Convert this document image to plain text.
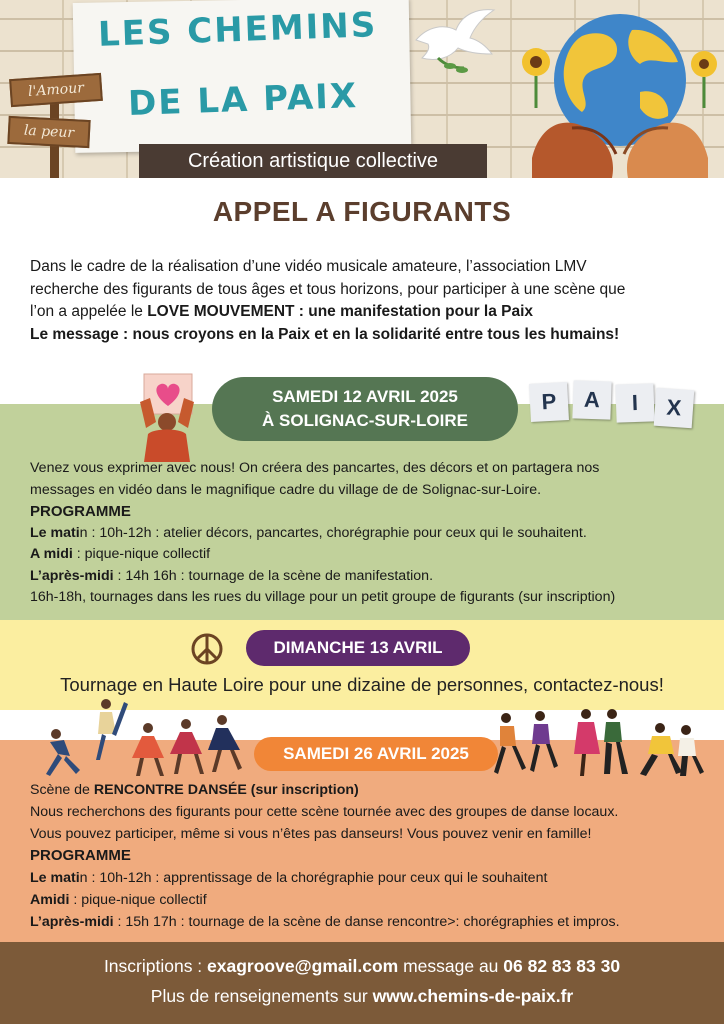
LES CHEMINS
DE LA PAIX
l'Amour
la peur
Création artistique collective
APPEL A FIGURANTS

Dans le cadre de la réalisation d’une vidéo musicale amateure, l’association LMV

recherche des figurants de tous âges et tous horizons, pour participer à une scène que

l’on a appelée le LOVE MOUVEMENT : une manifestation pour la Paix

Le message : nous croyons en la Paix et en la solidarité entre tous les humains!

SAMEDI 12 AVRIL 2025
À SOLIGNAC-SUR-LOIRE
P	A	I	X

Venez vous exprimer avec nous! On créera des pancartes, des décors et on partagera nos

messages en vidéo dans le magnifique cadre du village de de Solignac-sur-Loire.

PROGRAMME

Le matin : 10h-12h : atelier décors, pancartes, chorégraphie pour ceux qui le souhaitent.

A midi : pique-nique collectif

L’après-midi : 14h 16h : tournage de la scène de manifestation.

16h-18h, tournages dans les rues du village pour un petit groupe de figurants (sur inscription)

DIMANCHE 13 AVRIL
Tournage en Haute Loire pour une dizaine de personnes, contactez-nous!
SAMEDI 26 AVRIL 2025

Scène de RENCONTRE DANSÉE (sur inscription)

Nous recherchons des figurants pour cette scène tournée avec des groupes de danse locaux.

Vous pouvez participer, même si vous n’êtes pas danseurs! Vous pouvez venir en famille!

PROGRAMME

Le matin : 10h-12h : apprentissage de la chorégraphie pour ceux qui le souhaitent

Amidi : pique-nique collectif

L’après-midi : 15h 17h : tournage de la scène de danse rencontre>: chorégraphies et impros.

Inscriptions : exagroove@gmail.com message au 06 82 83 83 30
Plus de renseignements sur www.chemins-de-paix.fr
